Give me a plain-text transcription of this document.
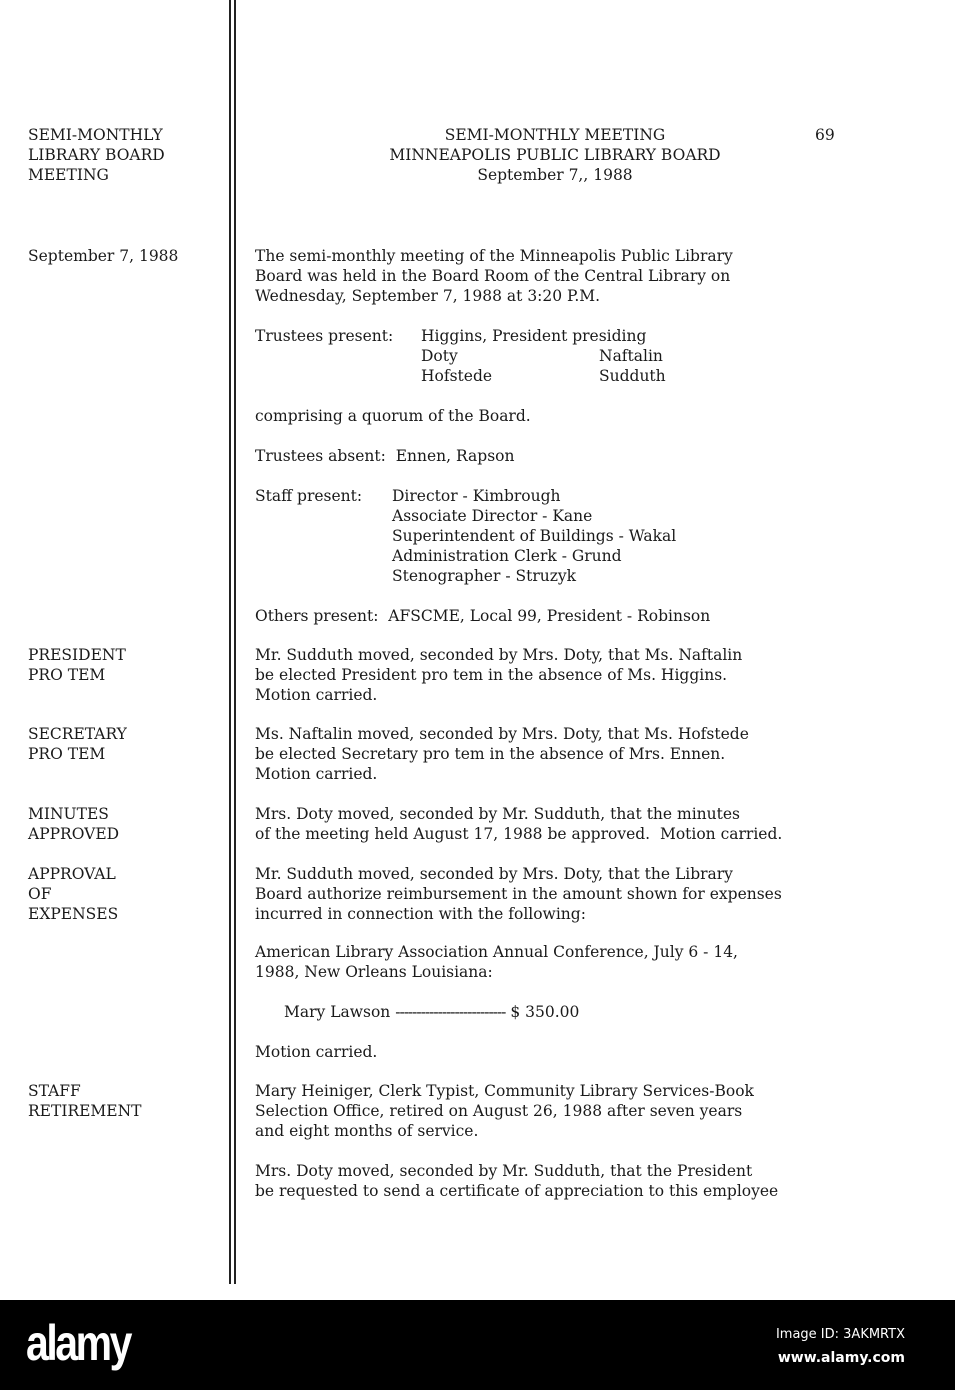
SEMI-MONTHLY MEETING
MINNEAPOLIS PUBLIC LIBRARY BOARD
September 7,, 1988
69
SEMI-MONTHLY
LIBRARY BOARD
MEETING
September 7, 1988
PRESIDENT
PRO TEM
SECRETARY
PRO TEM
MINUTES
APPROVED
APPROVAL
OF
EXPENSES
STAFF
RETIREMENT
The semi-monthly meeting of the Minneapolis Public Library
Board was held in the Board Room of the Central Library on
Wednesday, September 7, 1988 at 3:20 P.M.
Trustees present: Higgins, President presiding
Doty	Naftalin
Hofstede	Sudduth
comprising a quorum of the Board.
Trustees absent:  Ennen, Rapson
Staff present: Director - Kimbrough
Associate Director - Kane
Superintendent of Buildings - Wakal
Administration Clerk - Grund
Stenographer - Struzyk
Others present:  AFSCME, Local 99, President - Robinson
Mr. Sudduth moved, seconded by Mrs. Doty, that Ms. Naftalin
be elected President pro tem in the absence of Ms. Higgins.
Motion carried.
Ms. Naftalin moved, seconded by Mrs. Doty, that Ms. Hofstede
be elected Secretary pro tem in the absence of Mrs. Ennen.
Motion carried.
Mrs. Doty moved, seconded by Mr. Sudduth, that the minutes
of the meeting held August 17, 1988 be approved.  Motion carried.
Mr. Sudduth moved, seconded by Mrs. Doty, that the Library
Board authorize reimbursement in the amount shown for expenses
incurred in connection with the following:
American Library Association Annual Conference, July 6 - 14,
1988, New Orleans Louisiana:
Mary Lawson -------------------------- $ 350.00
Motion carried.
Mary Heiniger, Clerk Typist, Community Library Services-Book
Selection Office, retired on August 26, 1988 after seven years
and eight months of service.
Mrs. Doty moved, seconded by Mr. Sudduth, that the President
be requested to send a certificate of appreciation to this employee
alamy	Image ID: 3AKMRTX
www.alamy.com
